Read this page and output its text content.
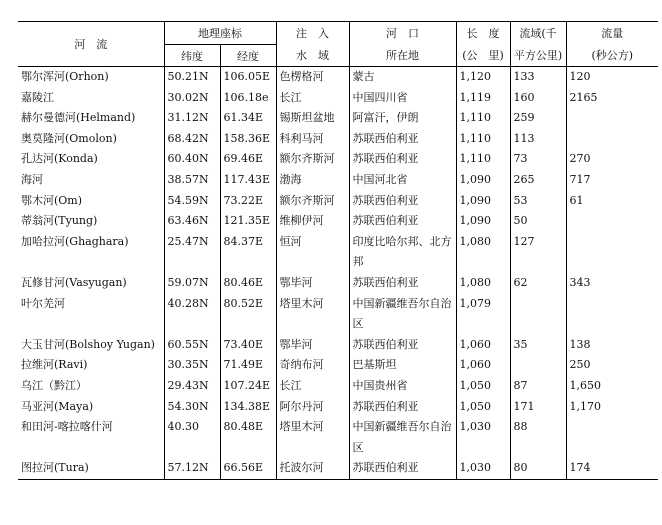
河　流	地理座标		注　入	河　口	长　度	流域(千	流量
	纬度	经度	水　域	所在地	(公　里)	平方公里)	(秒公方)
鄂尔浑河(Orhon)	50.21N	106.05E	色楞格河	蒙古	1,120	133	120
嘉陵江	30.02N	106.18e	长江	中国四川省	1,119	160	2165
赫尔曼德河(Helmand)	31.12N	61.34E	锡斯坦盆地	阿富汗，伊朗	1,110	259	
奥莫隆河(Omolon)	68.42N	158.36E	科利马河	苏联西伯利亚	1,110	113	
孔达河(Konda)	60.40N	69.46E	额尔齐斯河	苏联西伯利亚	1,110	73	270
海河	38.57N	117.43E	渤海	中国河北省	1,090	265	717
鄂木河(Om)	54.59N	73.22E	额尔齐斯河	苏联西伯利亚	1,090	53	61
蒂翁河(Tyung)	63.46N	121.35E	维柳伊河	苏联西伯利亚	1,090	50	
加哈拉河(Ghaghara)	25.47N	84.37E	恒河	印度比哈尔邦、北方邦	1,080	127	
瓦修甘河(Vasyugan)	59.07N	80.46E	鄂毕河	苏联西伯利亚	1,080	62	343
叶尔羌河	40.28N	80.52E	塔里木河	中国新疆维吾尔自治区	1,079		
大玉甘河(Bolshoy Yugan)	60.55N	73.40E	鄂毕河	苏联西伯利亚	1,060	35	138
拉维河(Ravi)	30.35N	71.49E	奇纳布河	巴基斯坦	1,060		250
乌江（黔江）	29.43N	107.24E	长江	中国贵州省	1,050	87	1,650
马亚河(Maya)	54.30N	134.38E	阿尔丹河	苏联西伯利亚	1,050	171	1,170
和田河-喀拉喀什河	40.30	80.48E	塔里木河	中国新疆维吾尔自治区	1,030	88	
图拉河(Tura)	57.12N	66.56E	托波尔河	苏联西伯利亚	1,030	80	174
